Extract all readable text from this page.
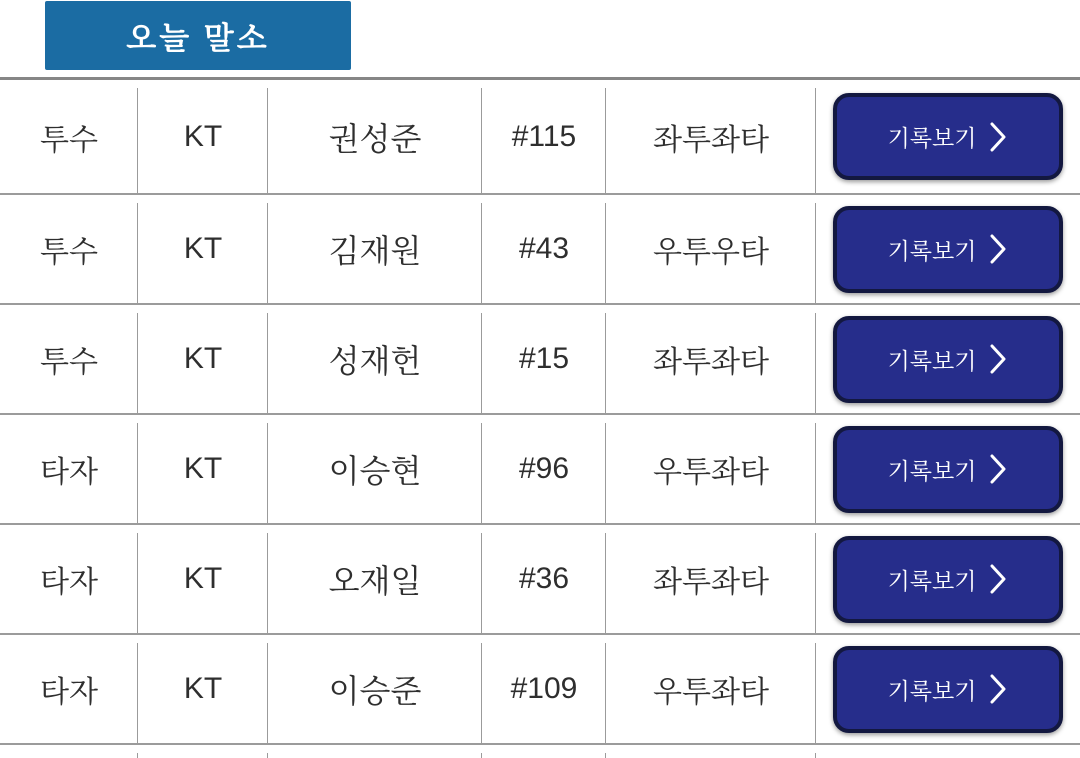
오늘 말소
투수	KT	권성준	#115	좌투좌타	기록보기
투수	KT	김재원	#43	우투우타	기록보기
투수	KT	성재헌	#15	좌투좌타	기록보기
타자	KT	이승현	#96	우투좌타	기록보기
타자	KT	오재일	#36	좌투좌타	기록보기
타자	KT	이승준	#109	우투좌타	기록보기
